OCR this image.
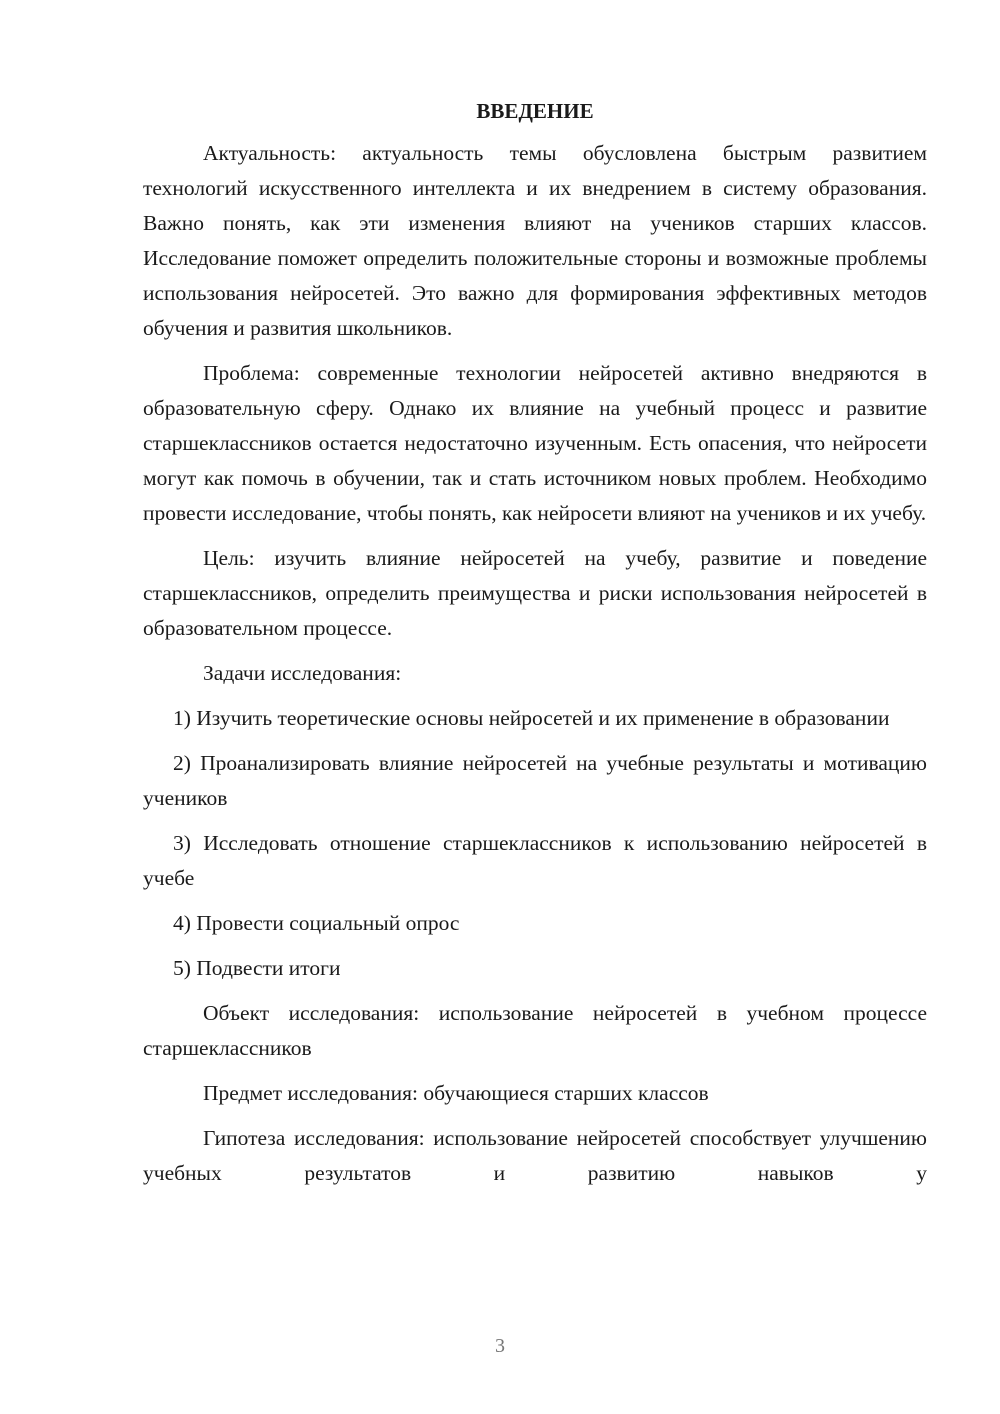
ВВЕДЕНИЕ

Актуальность: актуальность темы обусловлена быстрым развитием технологий искусственного интеллекта и их внедрением в систему образования. Важно понять, как эти изменения влияют на учеников старших классов. Исследование поможет определить положительные стороны и возможные проблемы использования нейросетей. Это важно для формирования эффективных методов обучения и развития школьников.

Проблема: современные технологии нейросетей активно внедряются в образовательную сферу. Однако их влияние на учебный процесс и развитие старшеклассников остается недостаточно изученным. Есть опасения, что нейросети могут как помочь в обучении, так и стать источником новых проблем. Необходимо провести исследование, чтобы понять, как нейросети влияют на учеников и их учебу.

Цель: изучить влияние нейросетей на учебу, развитие и поведение старшеклассников, определить преимущества и риски использования нейросетей в образовательном процессе.

Задачи исследования:

1) Изучить теоретические основы нейросетей и их применение в образовании

2) Проанализировать влияние нейросетей на учебные результаты и мотивацию учеников

3) Исследовать отношение старшеклассников к использованию нейросетей в учебе

4) Провести социальный опрос

5) Подвести итоги

Объект исследования: использование нейросетей в учебном процессе старшеклассников

Предмет исследования: обучающиеся старших классов

Гипотеза исследования: использование нейросетей способствует улучшению учебных результатов и развитию навыков у

3
